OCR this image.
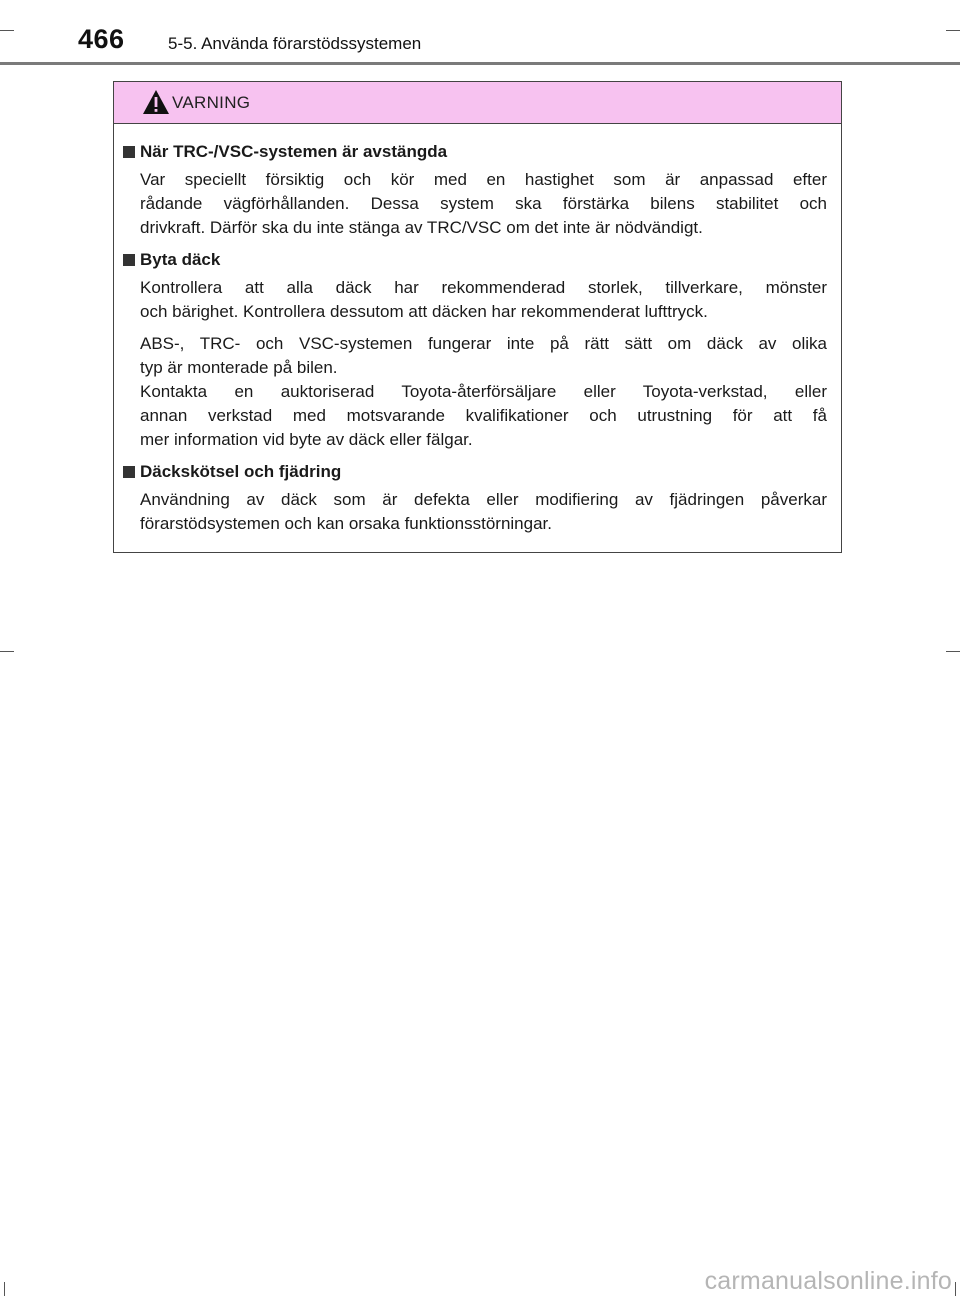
466	5-5. Använda förarstödssystemen
VARNING
När TRC-/VSC-systemen är avstängda
Var speciellt försiktig och kör med en hastighet som är anpassad efter
rådande vägförhållanden. Dessa system ska förstärka bilens stabilitet och
drivkraft. Därför ska du inte stänga av TRC/VSC om det inte är nödvändigt.
Byta däck
Kontrollera att alla däck har rekommenderad storlek, tillverkare, mönster
och bärighet. Kontrollera dessutom att däcken har rekommenderat lufttryck.
ABS-, TRC- och VSC-systemen fungerar inte på rätt sätt om däck av olika
typ är monterade på bilen.
Kontakta en auktoriserad Toyota-återförsäljare eller Toyota-verkstad, eller
annan verkstad med motsvarande kvalifikationer och utrustning för att få
mer information vid byte av däck eller fälgar.
Däckskötsel och fjädring
Användning av däck som är defekta eller modifiering av fjädringen påverkar
förarstödsystemen och kan orsaka funktionsstörningar.
carmanualsonline.info
